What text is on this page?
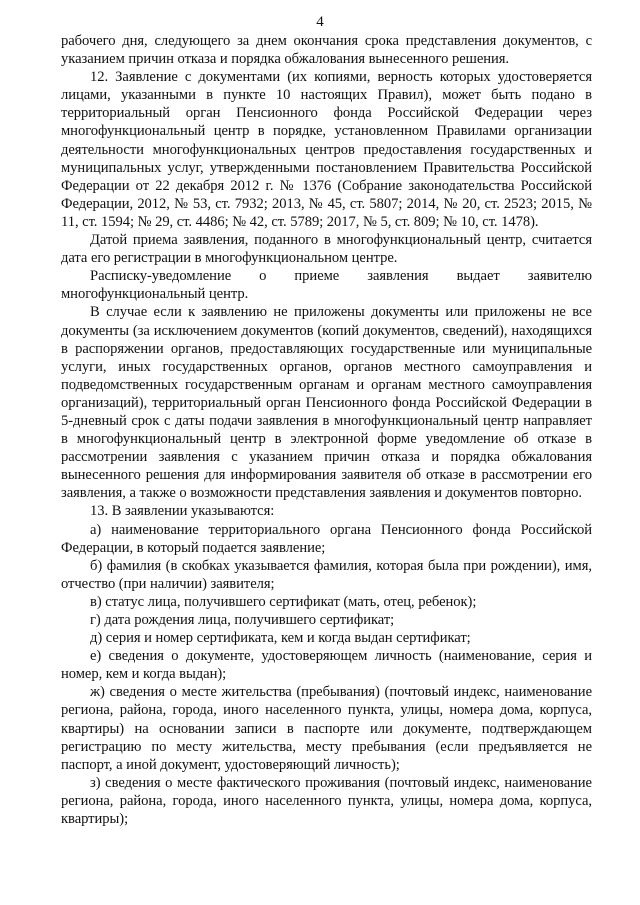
4

рабочего дня, следующего за днем окончания срока представления документов, с указанием причин отказа и порядка обжалования вынесенного решения.

12. Заявление с документами (их копиями, верность которых удостоверяется лицами, указанными в пункте 10 настоящих Правил), может быть подано в территориальный орган Пенсионного фонда Российской Федерации через многофункциональный центр в порядке, установленном Правилами организации деятельности многофункциональных центров предоставления государственных и муниципальных услуг, утвержденными постановлением Правительства Российской Федерации от 22 декабря 2012 г. № 1376 (Собрание законодательства Российской Федерации, 2012, № 53, ст. 7932; 2013, № 45, ст. 5807; 2014, № 20, ст. 2523; 2015, № 11, ст. 1594; № 29, ст. 4486; № 42, ст. 5789; 2017, № 5, ст. 809; № 10, ст. 1478).

Датой приема заявления, поданного в многофункциональный центр, считается дата его регистрации в многофункциональном центре.

Расписку-уведомление о приеме заявления выдает заявителю многофункциональный центр.

В случае если к заявлению не приложены документы или приложены не все документы (за исключением документов (копий документов, сведений), находящихся в распоряжении органов, предоставляющих государственные или муниципальные услуги, иных государственных органов, органов местного самоуправления и подведомственных государственным органам и органам местного самоуправления организаций), территориальный орган Пенсионного фонда Российской Федерации в 5-дневный срок с даты подачи заявления в многофункциональный центр направляет в многофункциональный центр в электронной форме уведомление об отказе в рассмотрении заявления с указанием причин отказа и порядка обжалования вынесенного решения для информирования заявителя об отказе в рассмотрении его заявления, а также о возможности представления заявления и документов повторно.

13. В заявлении указываются:

а) наименование территориального органа Пенсионного фонда Российской Федерации, в который подается заявление;

б) фамилия (в скобках указывается фамилия, которая была при рождении), имя, отчество (при наличии) заявителя;

в) статус лица, получившего сертификат (мать, отец, ребенок);

г) дата рождения лица, получившего сертификат;

д) серия и номер сертификата, кем и когда выдан сертификат;

е) сведения о документе, удостоверяющем личность (наименование, серия и номер, кем и когда выдан);

ж) сведения о месте жительства (пребывания) (почтовый индекс, наименование региона, района, города, иного населенного пункта, улицы, номера дома, корпуса, квартиры) на основании записи в паспорте или документе, подтверждающем регистрацию по месту жительства, месту пребывания (если предъявляется не паспорт, а иной документ, удостоверяющий личность);

з) сведения о месте фактического проживания (почтовый индекс, наименование региона, района, города, иного населенного пункта, улицы, номера дома, корпуса, квартиры);
